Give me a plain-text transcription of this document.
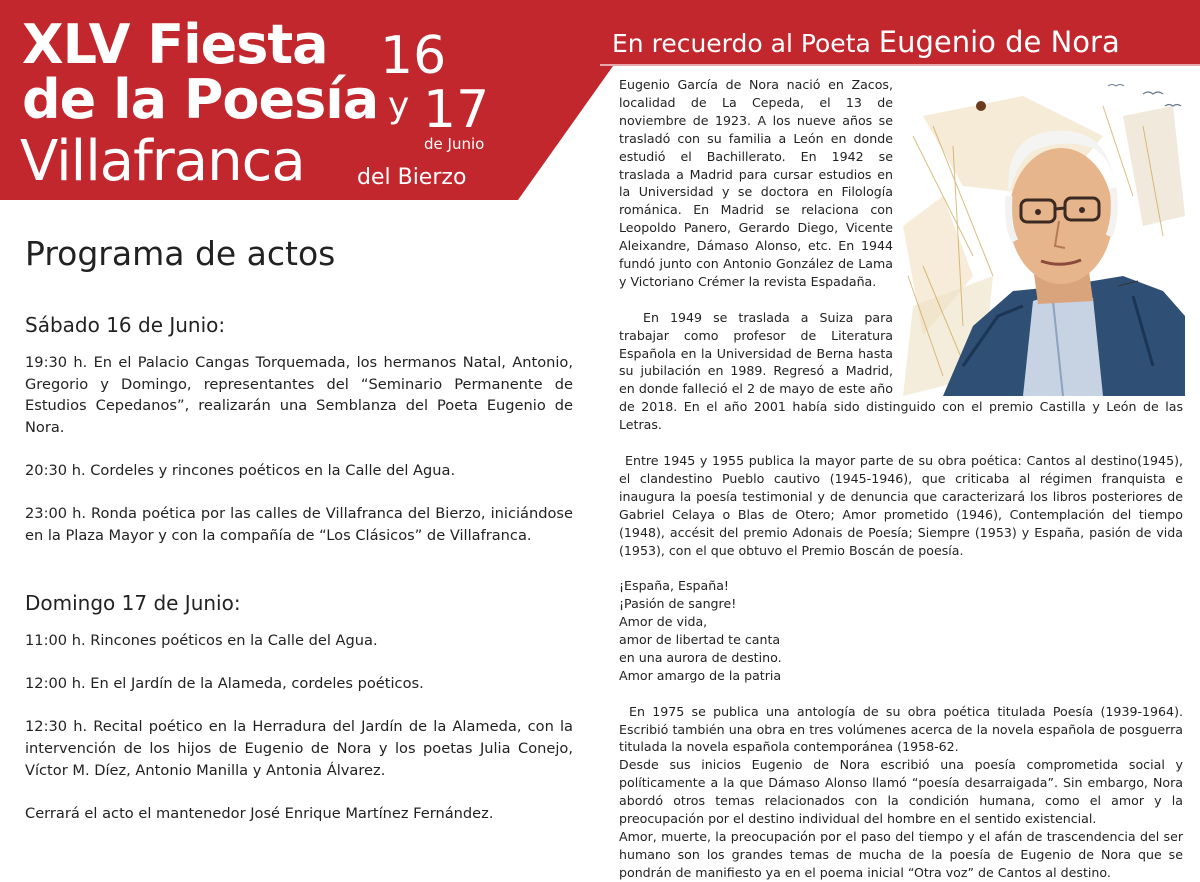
XLV Fiesta
de la Poesía
Villafranca del Bierzo
16
y 17
de Junio
En recuerdo al Poeta Eugenio de Nora
Programa de actos
Sábado 16 de Junio:

19:30 h. En el Palacio Cangas Torquemada, los hermanos Natal, Antonio, Gregorio y Domingo, representantes del “Seminario Permanente de Estudios Cepedanos”, realizarán una Semblanza del Poeta Eugenio de Nora.

20:30 h. Cordeles y rincones poéticos en la Calle del Agua.

23:00 h. Ronda poética por las calles de Villafranca del Bierzo, iniciándose en la Plaza Mayor y con la compañía de “Los Clásicos” de Villafranca.

Domingo 17 de Junio:

11:00 h. Rincones poéticos en la Calle del Agua.

12:00 h. En el Jardín de la Alameda, cordeles poéticos.

12:30 h. Recital poético en la Herradura del Jardín de la Alameda, con la intervención de los hijos de Eugenio de Nora y los poetas Julia Conejo, Víctor M. Díez, Antonio Manilla y Antonia Álvarez.

Cerrará el acto el mantenedor José Enrique Martínez Fernández.

Eugenio García de Nora nació en Zacos, localidad de La Cepeda, el 13 de noviembre de 1923. A los nueve años se trasladó con su familia a León en donde estudió el Bachillerato. En 1942 se traslada a Madrid para cursar estudios en la Universidad y se doctora en Filología románica. En Madrid se relaciona con Leopoldo Panero, Gerardo Diego, Vicente Aleixandre, Dámaso Alonso, etc. En 1944 fundó junto con Antonio González de Lama y Victoriano Crémer la revista Espadaña.

En 1949 se traslada a Suiza para trabajar como profesor de Literatura Española en la Universidad de Berna hasta su jubilación en 1989. Regresó a Madrid, en donde falleció el 2 de mayo de este año de 2018. En el año 2001 había sido distinguido con el premio Castilla y León de las Letras.

Entre 1945 y 1955 publica la mayor parte de su obra poética: Cantos al destino(1945), el clandestino Pueblo cautivo (1945-1946), que criticaba al régimen franquista e inaugura la poesía testimonial y de denuncia que caracterizará los libros posteriores de Gabriel Celaya o Blas de Otero; Amor prometido (1946), Contemplación del tiempo (1948), accésit del premio Adonais de Poesía; Siempre (1953) y España, pasión de vida (1953), con el que obtuvo el Premio Boscán de poesía.

¡España, España!

¡Pasión de sangre!

Amor de vida,

amor de libertad te canta

en una aurora de destino.

Amor amargo de la patria

En 1975 se publica una antología de su obra poética titulada Poesía (1939-1964). Escribió también una obra en tres volúmenes acerca de la novela española de posguerra titulada la novela española contemporánea (1958-62.

Desde sus inicios Eugenio de Nora escribió una poesía comprometida social y políticamente a la que Dámaso Alonso llamó “poesía desarraigada”. Sin embargo, Nora abordó otros temas relacionados con la condición humana, como el amor y la preocupación por el destino individual del hombre en el sentido existencial.

Amor, muerte, la preocupación por el paso del tiempo y el afán de trascendencia del ser humano son los grandes temas de mucha de la poesía de Eugenio de Nora que se pondrán de manifiesto ya en el poema inicial “Otra voz” de Cantos al destino.
